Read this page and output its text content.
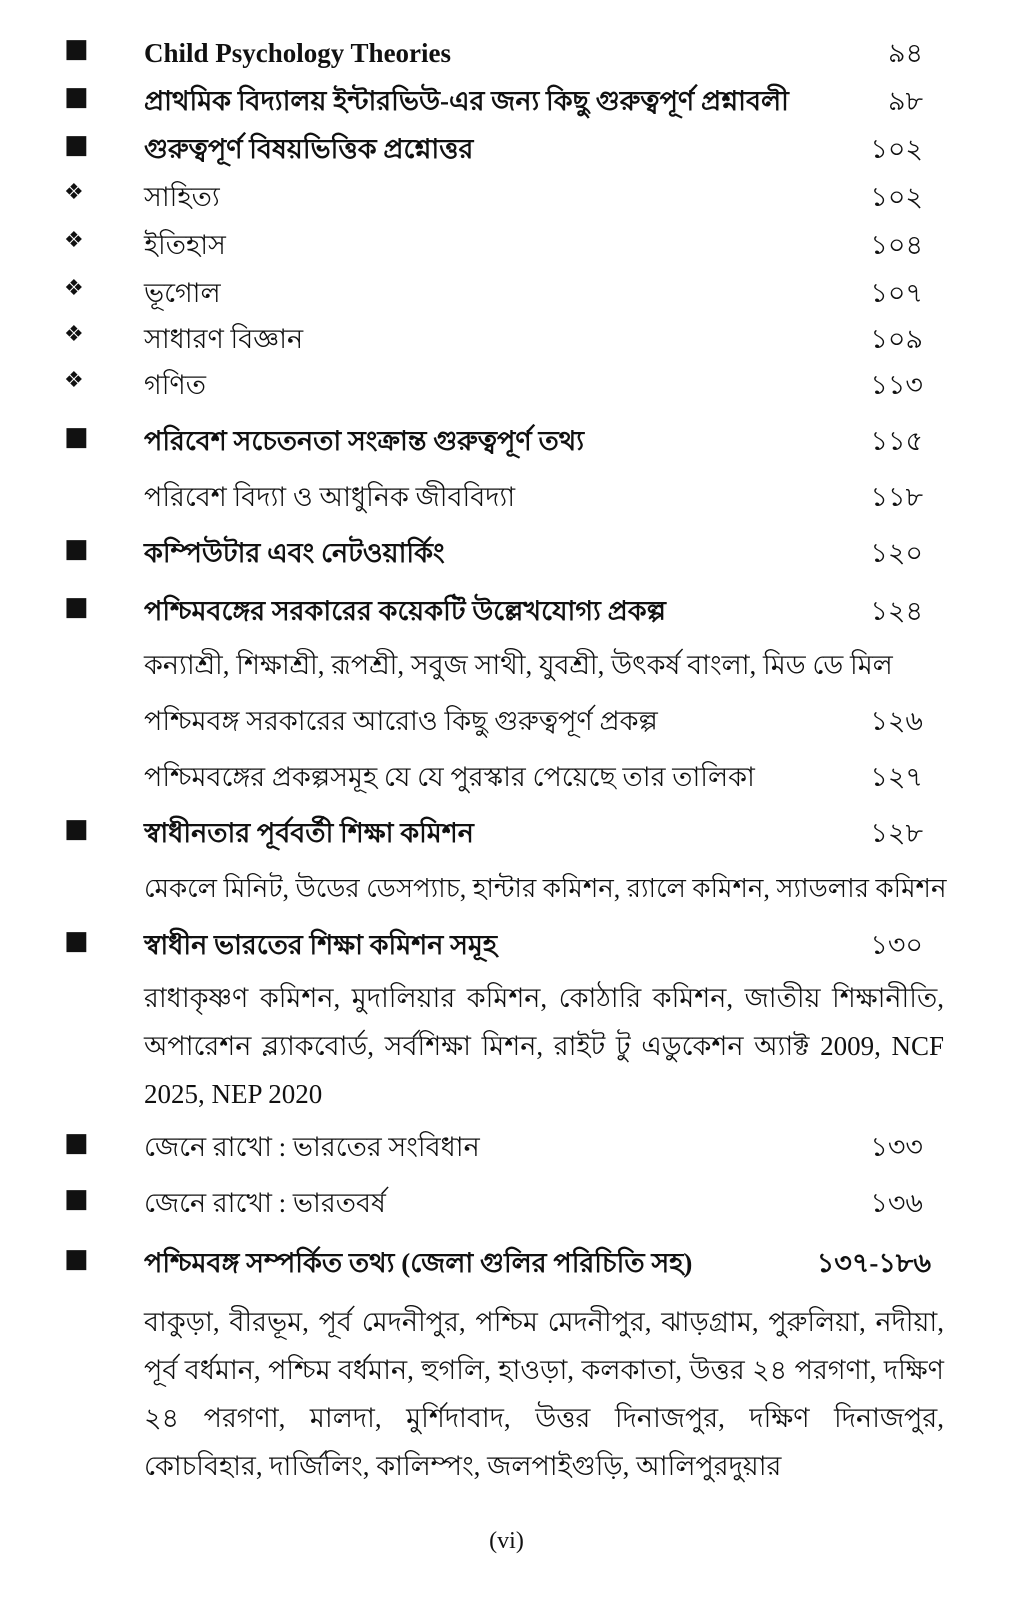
■ Child Psychology Theories	৯৪
■ প্রাথমিক বিদ্যালয় ইন্টারভিউ-এর জন্য কিছু গুরুত্বপূর্ণ প্রশ্নাবলী	৯৮
■ গুরুত্বপূর্ণ বিষয়ভিত্তিক প্রশ্নোত্তর	১০২
❖ সাহিত্য	১০২
❖ ইতিহাস	১০৪
❖ ভূগোল	১০৭
❖ সাধারণ বিজ্ঞান	১০৯
❖ গণিত	১১৩
■ পরিবেশ সচেতনতা সংক্রান্ত গুরুত্বপূর্ণ তথ্য	১১৫
পরিবেশ বিদ্যা ও আধুনিক জীববিদ্যা	১১৮
■ কম্পিউটার এবং নেটওয়ার্কিং	১২০
■ পশ্চিমবঙ্গের সরকারের কয়েকটি উল্লেখযোগ্য প্রকল্প	১২৪
কন্যাশ্রী, শিক্ষাশ্রী, রূপশ্রী, সবুজ সাথী, যুবশ্রী, উৎকর্ষ বাংলা, মিড ডে মিল
পশ্চিমবঙ্গ সরকারের আরোও কিছু গুরুত্বপূর্ণ প্রকল্প	১২৬
পশ্চিমবঙ্গের প্রকল্পসমূহ যে যে পুরস্কার পেয়েছে তার তালিকা	১২৭
■ স্বাধীনতার পূর্ববর্তী শিক্ষা কমিশন	১২৮
মেকলে মিনিট, উডের ডেসপ্যাচ, হান্টার কমিশন, র‍্যালে কমিশন, স্যাডলার কমিশন
■ স্বাধীন ভারতের শিক্ষা কমিশন সমূহ	১৩০
রাধাকৃষ্ণণ কমিশন, মুদালিয়ার কমিশন, কোঠারি কমিশন, জাতীয় শিক্ষানীতি, অপারেশন ব্ল্যাকবোর্ড, সর্বশিক্ষা মিশন, রাইট টু এডুকেশন অ্যাক্ট 2009, NCF 2025, NEP 2020
■ জেনে রাখো : ভারতের সংবিধান	১৩৩
■ জেনে রাখো : ভারতবর্ষ	১৩৬
■ পশ্চিমবঙ্গ সম্পর্কিত তথ্য (জেলা গুলির পরিচিতি সহ)	১৩৭-১৮৬
বাকুড়া, বীরভূম, পূর্ব মেদনীপুর, পশ্চিম মেদনীপুর, ঝাড়গ্রাম, পুরুলিয়া, নদীয়া, পূর্ব বর্ধমান, পশ্চিম বর্ধমান, হুগলি, হাওড়া, কলকাতা, উত্তর ২৪ পরগণা, দক্ষিণ ২৪ পরগণা, মালদা, মুর্শিদাবাদ, উত্তর দিনাজপুর, দক্ষিণ দিনাজপুর, কোচবিহার, দার্জিলিং, কালিম্পং, জলপাইগুড়ি, আলিপুরদুয়ার
(vi)
